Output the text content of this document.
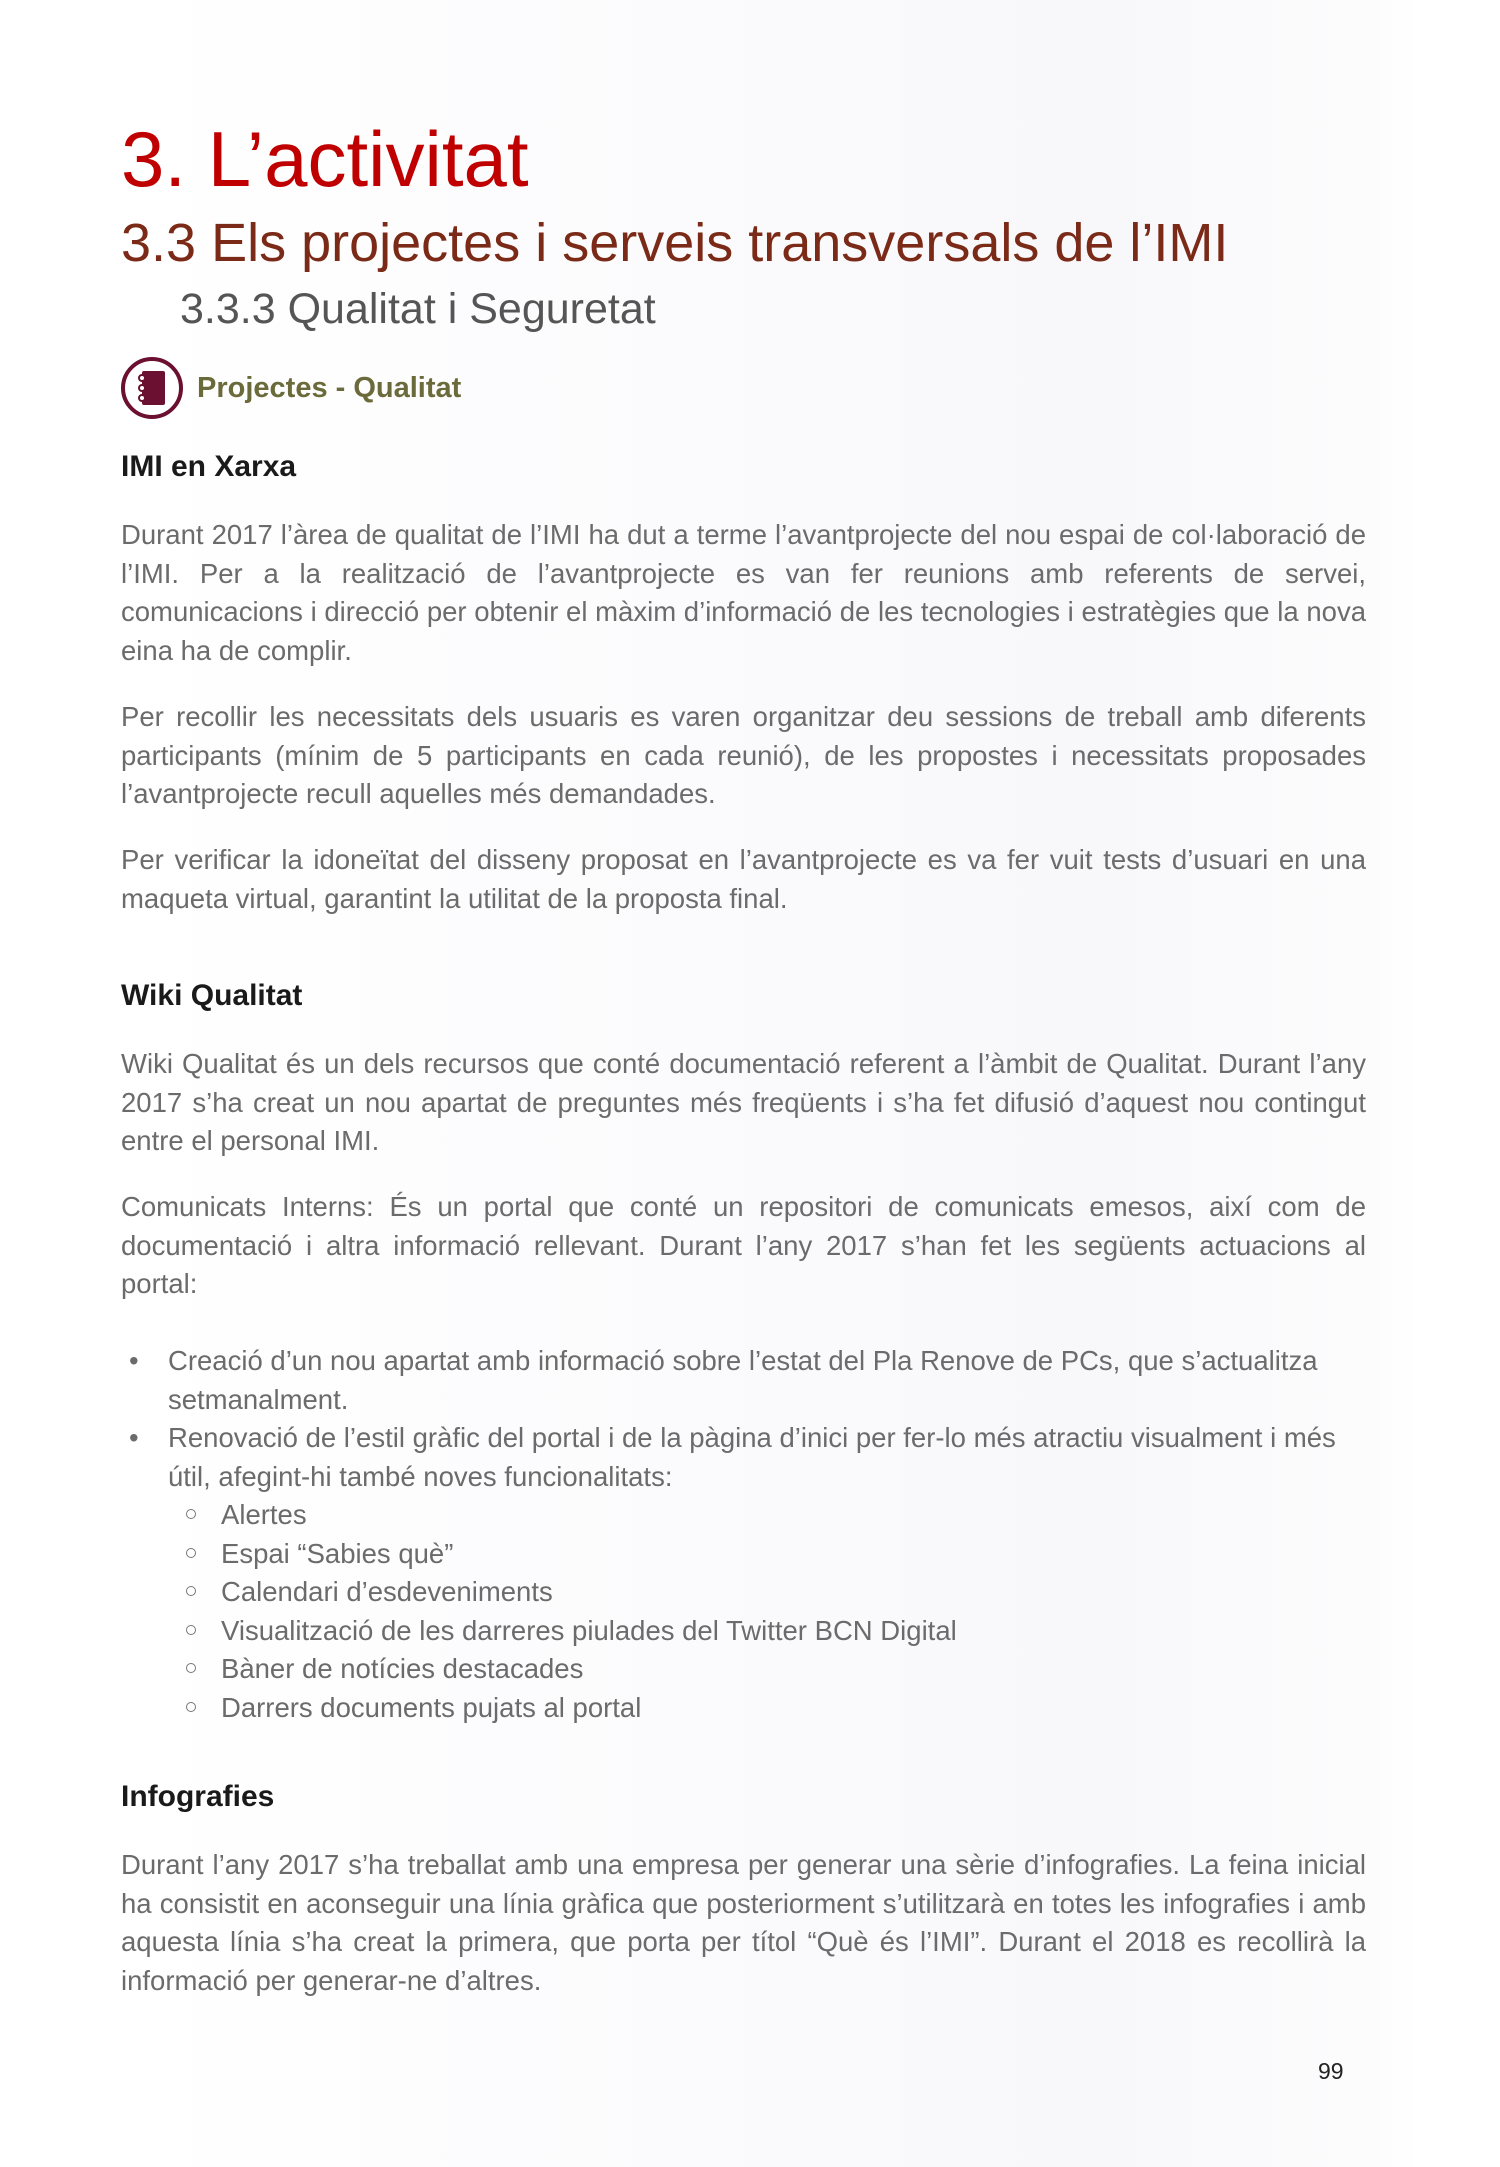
3. L’activitat
3.3 Els projectes i serveis transversals de l’IMI
3.3.3 Qualitat i Seguretat
Projectes - Qualitat
IMI en Xarxa

Durant 2017 l’àrea de qualitat de l’IMI ha dut a terme l’avantprojecte del nou espai de col·laboració de l’IMI. Per a la realització de l’avantprojecte es van fer reunions amb referents de servei, comunicacions i direcció per obtenir el màxim d’informació de les tecnologies i estratègies que la nova eina ha de complir.

Per recollir les necessitats dels usuaris es varen organitzar deu sessions de treball amb diferents participants (mínim de 5 participants en cada reunió), de les propostes i necessitats proposades l’avantprojecte recull aquelles més demandades.

Per verificar la idoneïtat del disseny proposat en l’avantprojecte es va fer vuit tests d’usuari en una maqueta virtual, garantint la utilitat de la proposta final.

Wiki Qualitat

Wiki Qualitat és un dels recursos que conté documentació referent a l’àmbit de Qualitat. Durant l’any 2017 s’ha creat un nou apartat de preguntes més freqüents i s’ha fet difusió d’aquest nou contingut entre el personal IMI.

Comunicats Interns: És un portal que conté un repositori de comunicats emesos, així com de documentació i altra informació rellevant. Durant l’any 2017 s’han fet les següents actuacions al portal:

• Creació d’un nou apartat amb informació sobre l’estat del Pla Renove de PCs, que s’actualitza setmanalment.
• Renovació de l’estil gràfic del portal i de la pàgina d’inici per fer-lo més atractiu visualment i més útil, afegint-hi també noves funcionalitats:
Alertes
Espai “Sabies què”
Calendari d’esdeveniments
Visualització de les darreres piulades del Twitter BCN Digital
Bàner de notícies destacades
Darrers documents pujats al portal
Infografies

Durant l’any 2017 s’ha treballat amb una empresa per generar una sèrie d’infografies. La feina inicial ha consistit en aconseguir una línia gràfica que posteriorment s’utilitzarà en totes les infografies i amb aquesta línia s’ha creat la primera, que porta per títol “Què és l’IMI”. Durant el 2018 es recollirà la informació per generar-ne d’altres.

99
